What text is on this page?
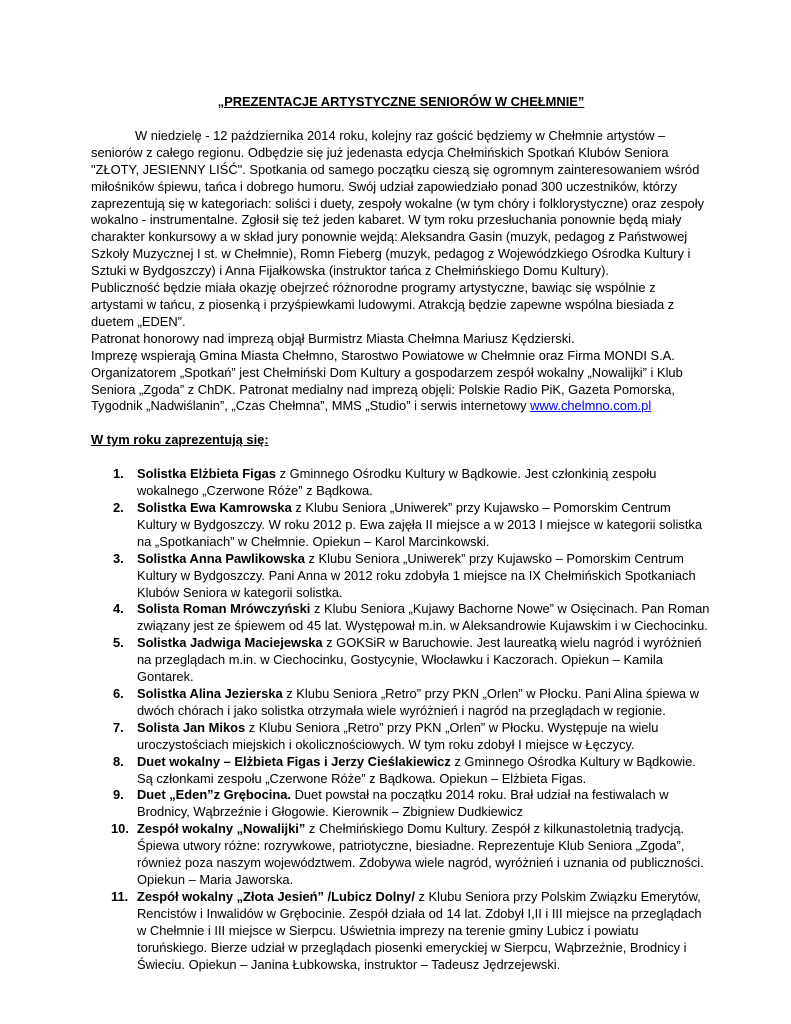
„PREZENTACJE ARTYSTYCZNE SENIORÓW W CHEŁMNIE”

W niedzielę - 12 października 2014 roku, kolejny raz gościć będziemy w Chełmnie artystów – seniorów z całego regionu. Odbędzie się już jedenasta edycja Chełmińskich Spotkań Klubów Seniora "ZŁOTY, JESIENNY LIŚĆ". Spotkania od samego początku cieszą się ogromnym zainteresowaniem wśród miłośników śpiewu, tańca i dobrego humoru. Swój udział zapowiedziało ponad 300 uczestników, którzy zaprezentują się w kategoriach: soliści i duety, zespoły wokalne (w tym chóry i folklorystyczne) oraz zespoły wokalno - instrumentalne. Zgłosił się też jeden kabaret. W tym roku przesłuchania ponownie będą miały charakter konkursowy a w skład jury ponownie wejdą: Aleksandra Gasin (muzyk, pedagog z Państwowej Szkoły Muzycznej I st. w Chełmnie), Romn Fieberg (muzyk, pedagog z Wojewódzkiego Ośrodka Kultury i Sztuki w Bydgoszczy) i Anna Fijałkowska (instruktor tańca z Chełmińskiego Domu Kultury).

Publiczność będzie miała okazję obejrzeć różnorodne programy artystyczne, bawiąc się wspólnie z artystami w tańcu, z piosenką i przyśpiewkami ludowymi. Atrakcją będzie zapewne wspólna biesiada z duetem „EDEN”.

Patronat honorowy nad imprezą objął Burmistrz Miasta Chełmna Mariusz Kędzierski.

Imprezę wspierają Gmina Miasta Chełmno, Starostwo Powiatowe w Chełmnie oraz Firma MONDI S.A.

Organizatorem „Spotkań” jest Chełmiński Dom Kultury a gospodarzem zespół wokalny „Nowalijki” i Klub Seniora „Zgoda” z ChDK. Patronat medialny nad imprezą objęli: Polskie Radio PiK, Gazeta Pomorska, Tygodnik „Nadwiślanin”, „Czas Chełmna”, MMS „Studio” i serwis internetowy www.chelmno.com.pl

W tym roku zaprezentują się:

1.	Solistka Elżbieta Figas z Gminnego Ośrodku Kultury w Bądkowie. Jest członkinią zespołu wokalnego „Czerwone Róże” z Bądkowa.
2.	Solistka Ewa Kamrowska z Klubu Seniora „Uniwerek” przy Kujawsko – Pomorskim Centrum Kultury w Bydgoszczy. W roku 2012 p. Ewa zajęła II miejsce a w 2013 I miejsce w kategorii solistka na „Spotkaniach” w Chełmnie. Opiekun – Karol Marcinkowski.
3.	Solistka Anna Pawlikowska z Klubu Seniora „Uniwerek” przy Kujawsko – Pomorskim Centrum Kultury w Bydgoszczy. Pani Anna w 2012 roku zdobyła 1 miejsce na IX Chełmińskich Spotkaniach Klubów Seniora w kategorii solistka.
4.	Solista Roman Mrówczyński z Klubu Seniora „Kujawy Bachorne Nowe” w Osięcinach. Pan Roman związany jest ze śpiewem od 45 lat. Występował m.in. w Aleksandrowie Kujawskim i w Ciechocinku.
5.	Solistka Jadwiga Maciejewska z GOKSiR w Baruchowie. Jest laureatką wielu nagród i wyróżnień na przeglądach m.in. w Ciechocinku, Gostycynie, Włocławku i Kaczorach. Opiekun – Kamila Gontarek.
6.	Solistka Alina Jezierska z Klubu Seniora „Retro” przy PKN „Orlen” w Płocku. Pani Alina śpiewa w dwóch chórach i jako solistka otrzymała wiele wyróżnień i nagród na przeglądach w regionie.
7.	Solista Jan Mikos z Klubu Seniora „Retro” przy PKN „Orlen” w Płocku. Występuje na wielu uroczystościach miejskich i okolicznościowych. W tym roku zdobył I miejsce w Łęczycy.
8.	Duet wokalny – Elżbieta Figas i Jerzy Cieślakiewicz z Gminnego Ośrodka Kultury w Bądkowie. Są członkami zespołu „Czerwone Róże” z Bądkowa. Opiekun – Elżbieta Figas.
9.	Duet „Eden”z Grębocina. Duet powstał na początku 2014 roku. Brał udział na festiwalach w Brodnicy, Wąbrzeźnie i Głogowie. Kierownik – Zbigniew Dudkiewicz
10. Zespół wokalny „Nowalijki” z Chełmińskiego Domu Kultury. Zespół z kilkunastoletnią tradycją. Śpiewa utwory różne: rozrywkowe, patriotyczne, biesiadne. Reprezentuje Klub Seniora „Zgoda”, również poza naszym województwem. Zdobywa wiele nagród, wyróżnień i uznania od publiczności. Opiekun – Maria Jaworska.
11. Zespół wokalny „Złota Jesień” /Lubicz Dolny/ z Klubu Seniora przy Polskim Związku Emerytów, Rencistów i Inwalidów w Grębocinie. Zespół działa od 14 lat. Zdobył I,II i III miejsce na przeglądach w Chełmnie i III miejsce w Sierpcu. Uświetnia imprezy na terenie gminy Lubicz i powiatu toruńskiego. Bierze udział w przeglądach piosenki emeryckiej w Sierpcu, Wąbrzeźnie, Brodnicy i Świeciu. Opiekun – Janina Łubkowska, instruktor – Tadeusz Jędrzejewski.
